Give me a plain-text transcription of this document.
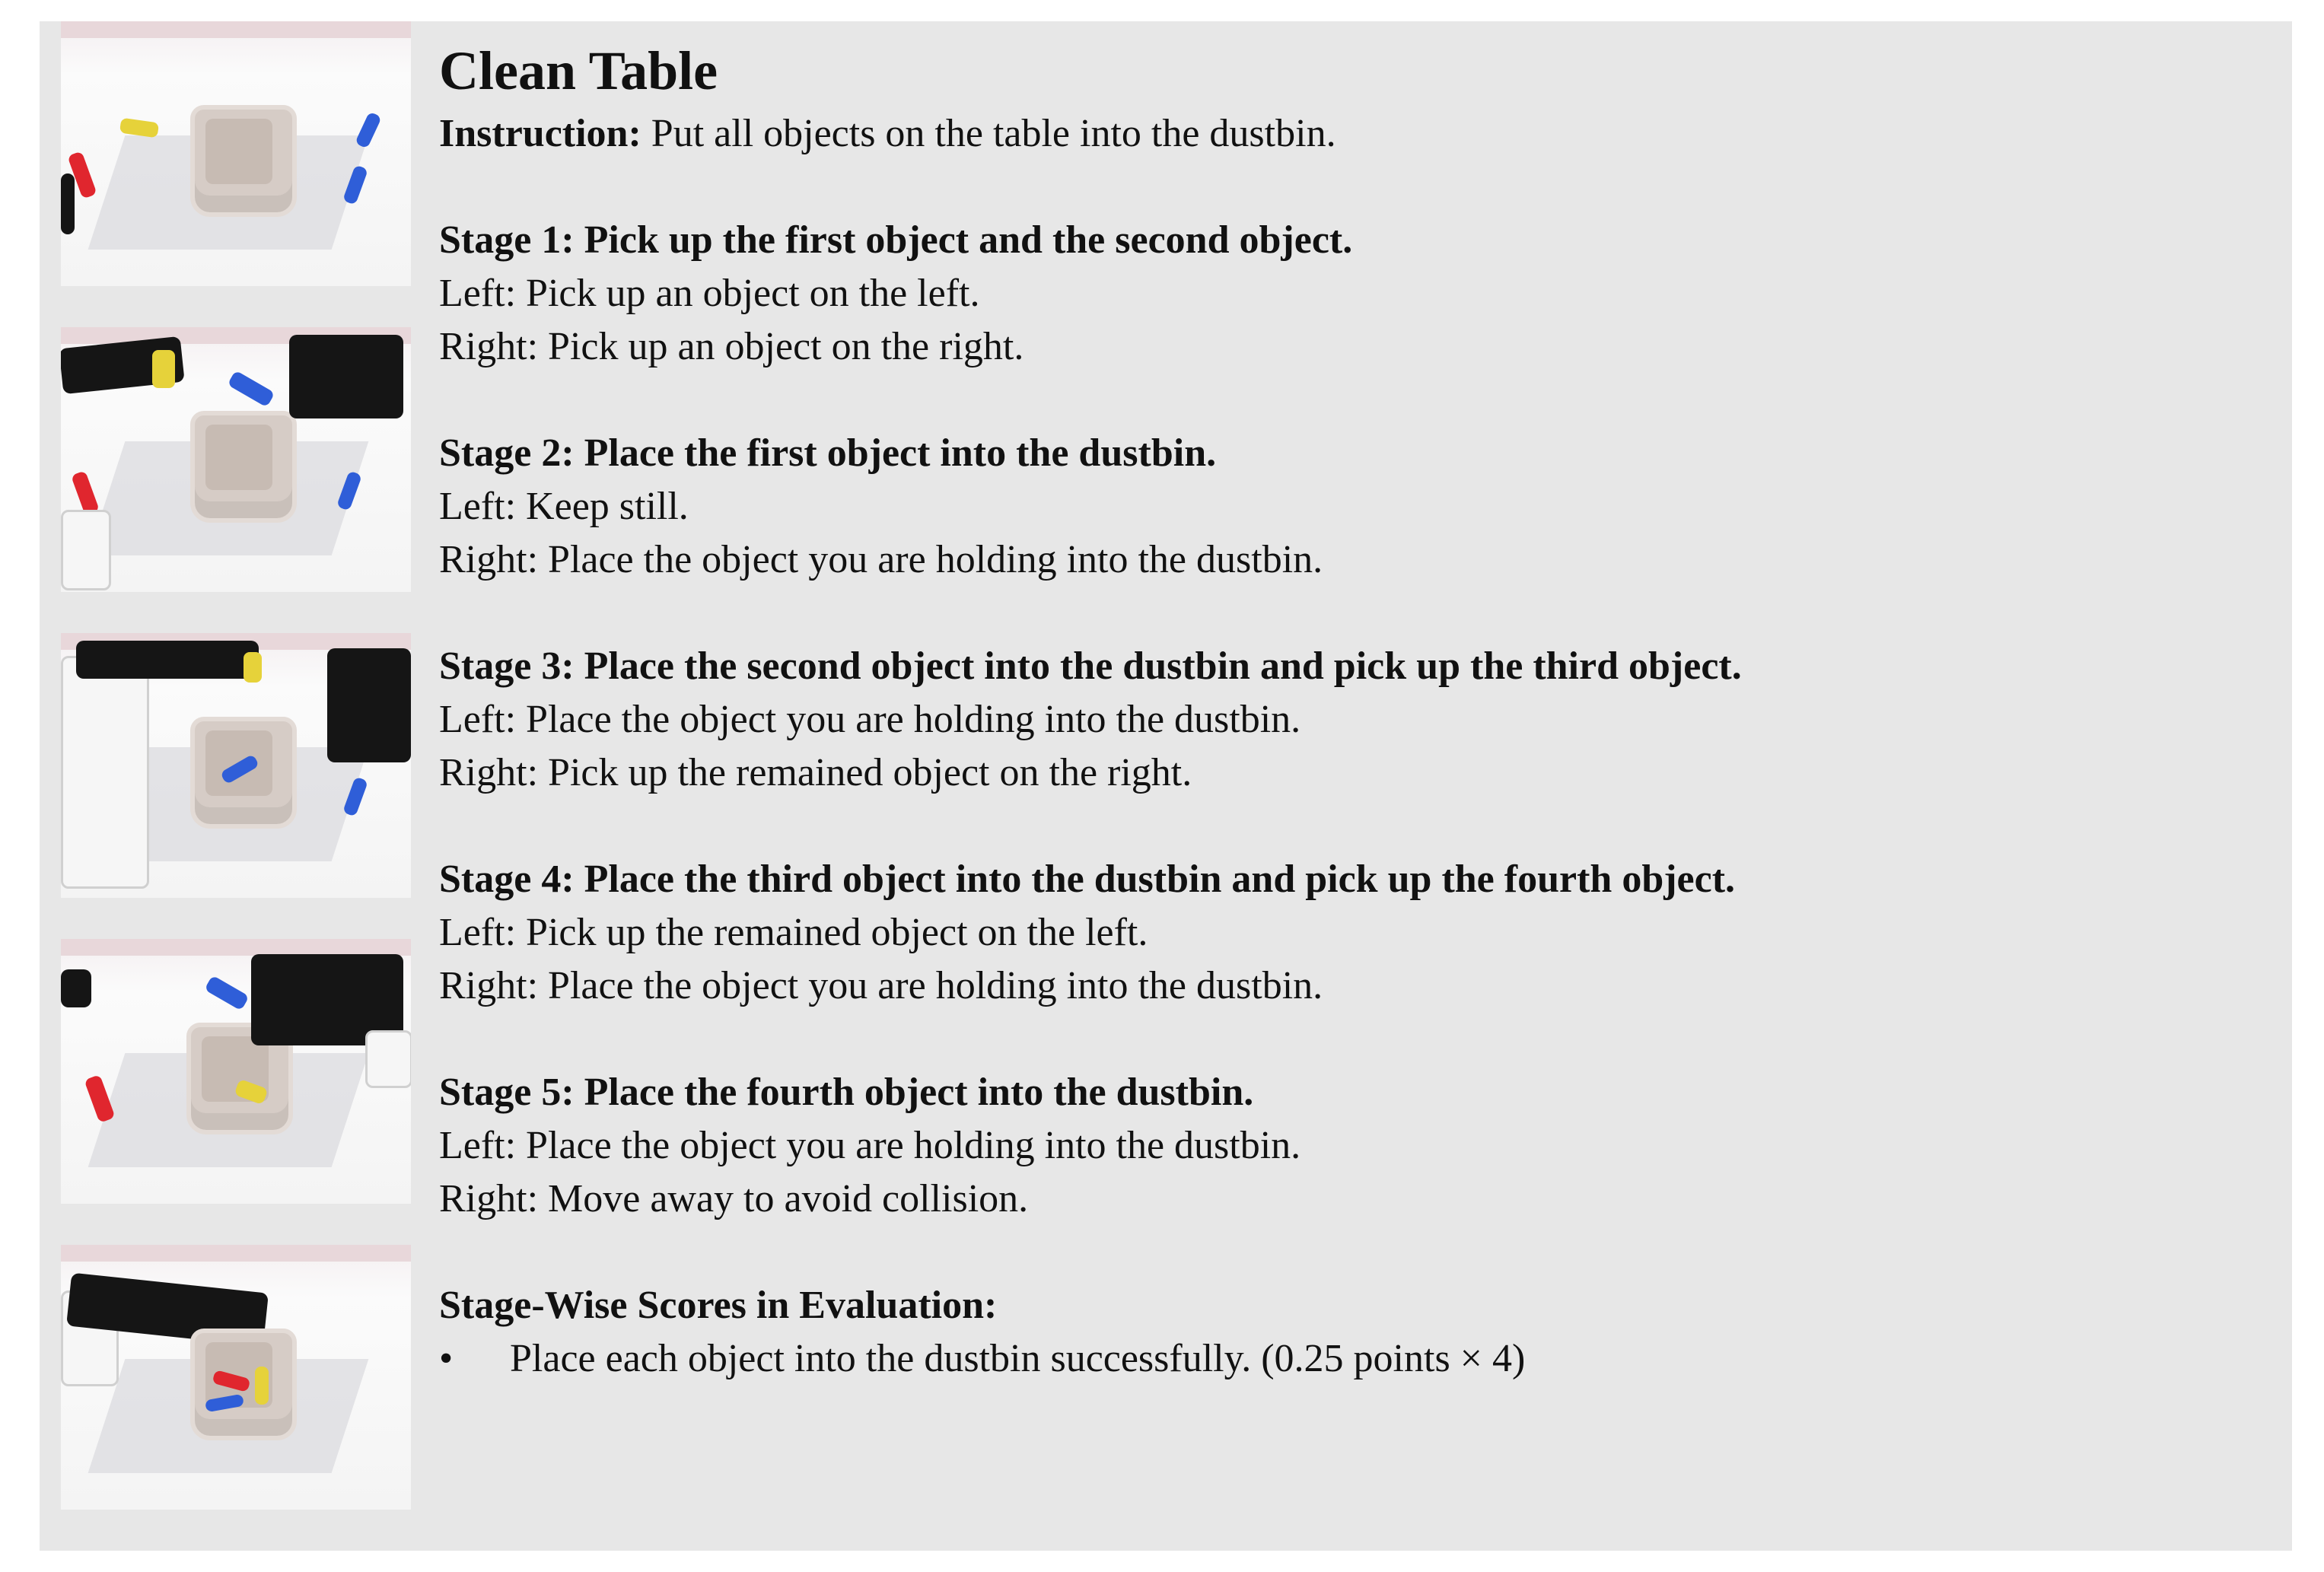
Clean Table
Instruction: Put all objects on the table into the dustbin.
Stage 1: Pick up the first object and the second object.
Left: Pick up an object on the left.
Right: Pick up an object on the right.
Stage 2: Place the first object into the dustbin.
Left: Keep still.
Right: Place the object you are holding into the dustbin.
Stage 3: Place the second object into the dustbin and pick up the third object.
Left: Place the object you are holding into the dustbin.
Right: Pick up the remained object on the right.
Stage 4: Place the third object into the dustbin and pick up the fourth object.
Left: Pick up the remained object on the left.
Right: Place the object you are holding into the dustbin.
Stage 5: Place the fourth object into the dustbin.
Left: Place the object you are holding into the dustbin.
Right: Move away to avoid collision.
Stage-Wise Scores in Evaluation:
• Place each object into the dustbin successfully. (0.25 points × 4)
